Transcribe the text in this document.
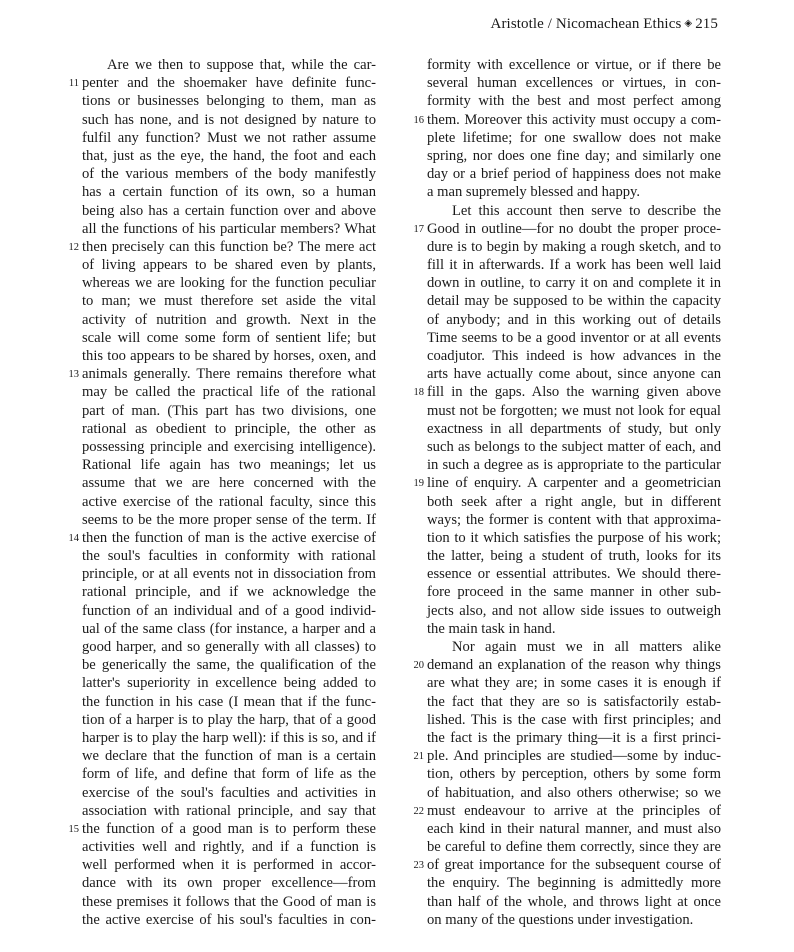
Aristotle / Nicomachean Ethics ◈ 215
Are we then to suppose that, while the car-
11 penter and the shoemaker have definite func-
tions or businesses belonging to them, man as
such has none, and is not designed by nature to
fulfil any function? Must we not rather assume
that, just as the eye, the hand, the foot and each
of the various members of the body manifestly
has a certain function of its own, so a human
being also has a certain function over and above
all the functions of his particular members? What
12 then precisely can this function be? The mere act
of living appears to be shared even by plants,
whereas we are looking for the function peculiar
to man; we must therefore set aside the vital
activity of nutrition and growth. Next in the
scale will come some form of sentient life; but
this too appears to be shared by horses, oxen, and
13 animals generally. There remains therefore what
may be called the practical life of the rational
part of man. (This part has two divisions, one
rational as obedient to principle, the other as
possessing principle and exercising intelligence).
Rational life again has two meanings; let us
assume that we are here concerned with the
active exercise of the rational faculty, since this
seems to be the more proper sense of the term. If
14 then the function of man is the active exercise of
the soul's faculties in conformity with rational
principle, or at all events not in dissociation from
rational principle, and if we acknowledge the
function of an individual and of a good individ-
ual of the same class (for instance, a harper and a
good harper, and so generally with all classes) to
be generically the same, the qualification of the
latter's superiority in excellence being added to
the function in his case (I mean that if the func-
tion of a harper is to play the harp, that of a good
harper is to play the harp well): if this is so, and if
we declare that the function of man is a certain
form of life, and define that form of life as the
exercise of the soul's faculties and activities in
association with rational principle, and say that
15 the function of a good man is to perform these
activities well and rightly, and if a function is
well performed when it is performed in accor-
dance with its own proper excellence—from
these premises it follows that the Good of man is
the active exercise of his soul's faculties in con-
formity with excellence or virtue, or if there be
several human excellences or virtues, in con-
formity with the best and most perfect among
16 them. Moreover this activity must occupy a com-
plete lifetime; for one swallow does not make
spring, nor does one fine day; and similarly one
day or a brief period of happiness does not make
a man supremely blessed and happy.
Let this account then serve to describe the
17 Good in outline—for no doubt the proper proce-
dure is to begin by making a rough sketch, and to
fill it in afterwards. If a work has been well laid
down in outline, to carry it on and complete it in
detail may be supposed to be within the capacity
of anybody; and in this working out of details
Time seems to be a good inventor or at all events
coadjutor. This indeed is how advances in the
arts have actually come about, since anyone can
18 fill in the gaps. Also the warning given above
must not be forgotten; we must not look for equal
exactness in all departments of study, but only
such as belongs to the subject matter of each, and
in such a degree as is appropriate to the particular
19 line of enquiry. A carpenter and a geometrician
both seek after a right angle, but in different
ways; the former is content with that approxima-
tion to it which satisfies the purpose of his work;
the latter, being a student of truth, looks for its
essence or essential attributes. We should there-
fore proceed in the same manner in other sub-
jects also, and not allow side issues to outweigh
the main task in hand.
Nor again must we in all matters alike
20 demand an explanation of the reason why things
are what they are; in some cases it is enough if
the fact that they are so is satisfactorily estab-
lished. This is the case with first principles; and
the fact is the primary thing—it is a first princi-
21 ple. And principles are studied—some by induc-
tion, others by perception, others by some form
of habituation, and also others otherwise; so we
22 must endeavour to arrive at the principles of
each kind in their natural manner, and must also
be careful to define them correctly, since they are
23 of great importance for the subsequent course of
the enquiry. The beginning is admittedly more
than half of the whole, and throws light at once
on many of the questions under investigation.
